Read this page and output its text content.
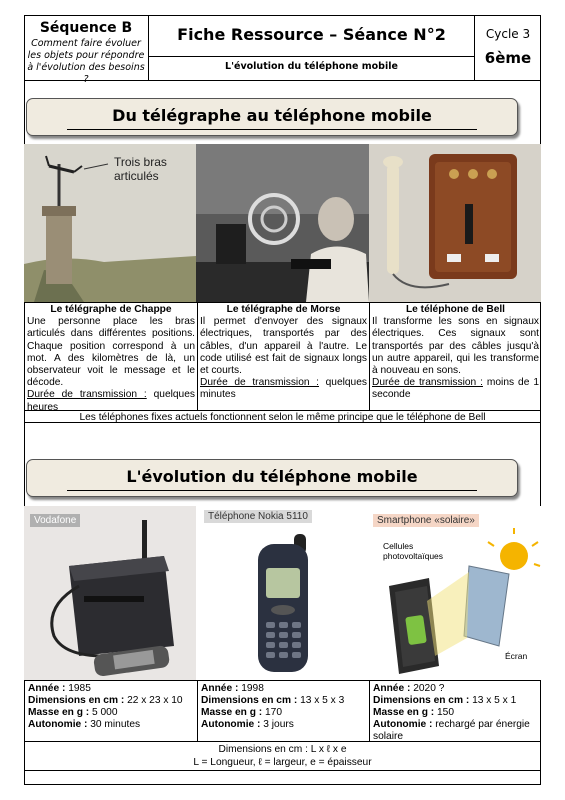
Séquence B
Comment faire évoluer les objets pour répondre à l'évolution des besoins ?
Fiche Ressource – Séance N°2
L'évolution du téléphone mobile
Cycle 3
6ème
Du télégraphe au téléphone mobile
Trois bras articulés
Le télégraphe de Chappe
Une personne place les bras articulés dans différentes positions. Chaque position correspond à un mot. A des kilomètres de là, un observateur voit le message et le décode.
Durée de transmission : quelques heures
Le télégraphe de Morse
Il permet d'envoyer des signaux électriques, transportés par des câbles, d'un appareil à l'autre. Le code utilisé est fait de signaux longs et courts.
Durée de transmission : quelques minutes
Le téléphone de Bell
Il transforme les sons en signaux électriques. Ces signaux sont transportés par des câbles jusqu'à un autre appareil, qui les transforme à nouveau en sons.
Durée de transmission : moins de 1 seconde
Les téléphones fixes actuels fonctionnent selon le même principe que le téléphone de Bell
L'évolution du téléphone mobile
Vodafone	Téléphone Nokia 5110	Smartphone «solaire»
Cellules photovoltaïques
Écran
Année : 1985
Dimensions en cm : 22 x 23 x 10
Masse en g : 5 000
Autonomie : 30 minutes
Année : 1998
Dimensions en cm : 13 x 5 x 3
Masse en g : 170
Autonomie : 3 jours
Année : 2020 ?
Dimensions en cm : 13 x 5 x 1
Masse en g : 150
Autonomie : rechargé par énergie solaire
Dimensions en cm : L x ℓ x e
L = Longueur, ℓ = largeur, e = épaisseur
